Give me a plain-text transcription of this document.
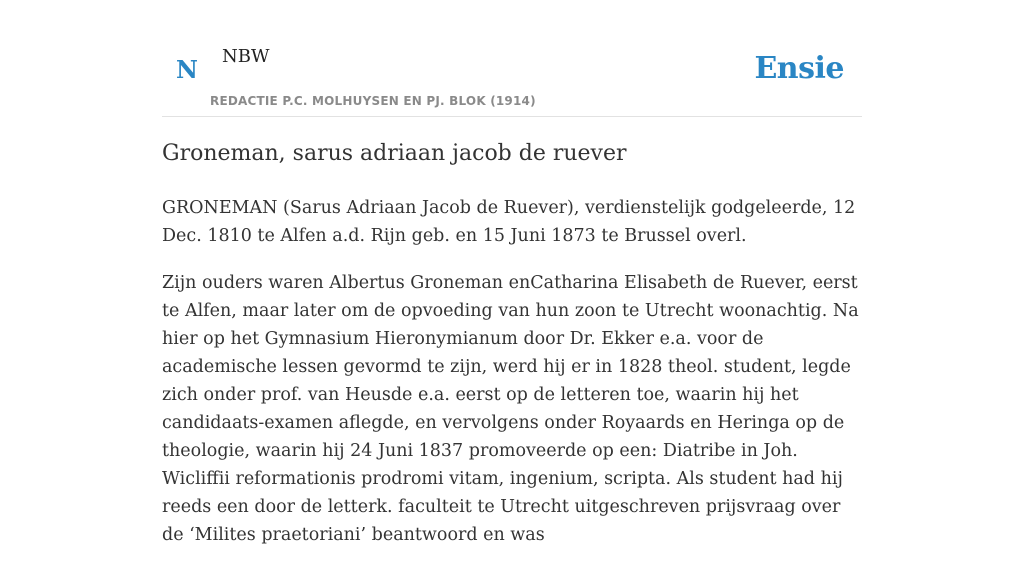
N NBW
REDACTIE P.C. MOLHUYSEN EN PJ. BLOK (1914)
Ensie
Groneman, sarus adriaan jacob de ruever

GRONEMAN (Sarus Adriaan Jacob de Ruever), verdienstelijk godgeleerde, 12 Dec. 1810 te Alfen a.d. Rijn geb. en 15 Juni 1873 te Brussel overl.

Zijn ouders waren Albertus Groneman enCatharina Elisabeth de Ruever, eerst te Alfen, maar later om de opvoeding van hun zoon te Utrecht woonachtig. Na hier op het Gymnasium Hieronymianum door Dr. Ekker e.a. voor de academische lessen gevormd te zijn, werd hij er in 1828 theol. student, legde zich onder prof. van Heusde e.a. eerst op de letteren toe, waarin hij het candidaats-examen aflegde, en vervolgens onder Royaards en Heringa op de theologie, waarin hij 24 Juni 1837 promoveerde op een: Diatribe in Joh. Wicliffii reformationis prodromi vitam, ingenium, scripta. Als student had hij reeds een door de letterk. faculteit te Utrecht uitgeschreven prijsvraag over de ‘Milites praetoriani’ beantwoord en was
